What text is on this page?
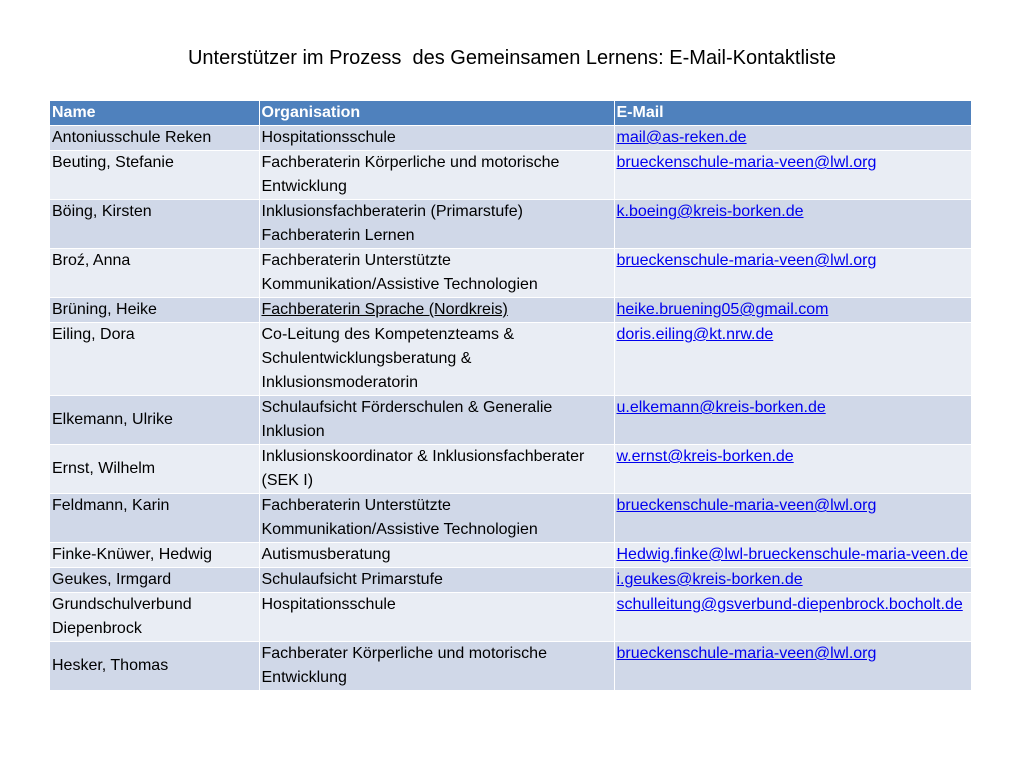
Unterstützer im Prozess  des Gemeinsamen Lernens: E-Mail-Kontaktliste
Name	Organisation	E-Mail
Antoniusschule Reken	Hospitationsschule	mail@as-reken.de
Beuting, Stefanie	Fachberaterin Körperliche und motorische Entwicklung	brueckenschule-maria-veen@lwl.org
Böing, Kirsten	Inklusionsfachberaterin (Primarstufe) Fachberaterin Lernen	k.boeing@kreis-borken.de
Broź, Anna	Fachberaterin Unterstützte Kommunikation/Assistive Technologien	brueckenschule-maria-veen@lwl.org
Brüning, Heike	Fachberaterin Sprache (Nordkreis)	heike.bruening05@gmail.com
Eiling, Dora	Co-Leitung des Kompetenzteams & Schulentwicklungsberatung & Inklusionsmoderatorin	doris.eiling@kt.nrw.de
Elkemann, Ulrike	Schulaufsicht Förderschulen & Generalie Inklusion	u.elkemann@kreis-borken.de
Ernst, Wilhelm	Inklusionskoordinator & Inklusionsfachberater (SEK I)	w.ernst@kreis-borken.de
Feldmann, Karin	Fachberaterin Unterstützte Kommunikation/Assistive Technologien	brueckenschule-maria-veen@lwl.org
Finke-Knüwer, Hedwig	Autismusberatung	Hedwig.finke@lwl-brueckenschule-maria-veen.de
Geukes, Irmgard	Schulaufsicht Primarstufe	i.geukes@kreis-borken.de
Grundschulverbund Diepenbrock	Hospitationsschule	schulleitung@gsverbund-diepenbrock.bocholt.de
Hesker, Thomas	Fachberater Körperliche und motorische Entwicklung	brueckenschule-maria-veen@lwl.org
